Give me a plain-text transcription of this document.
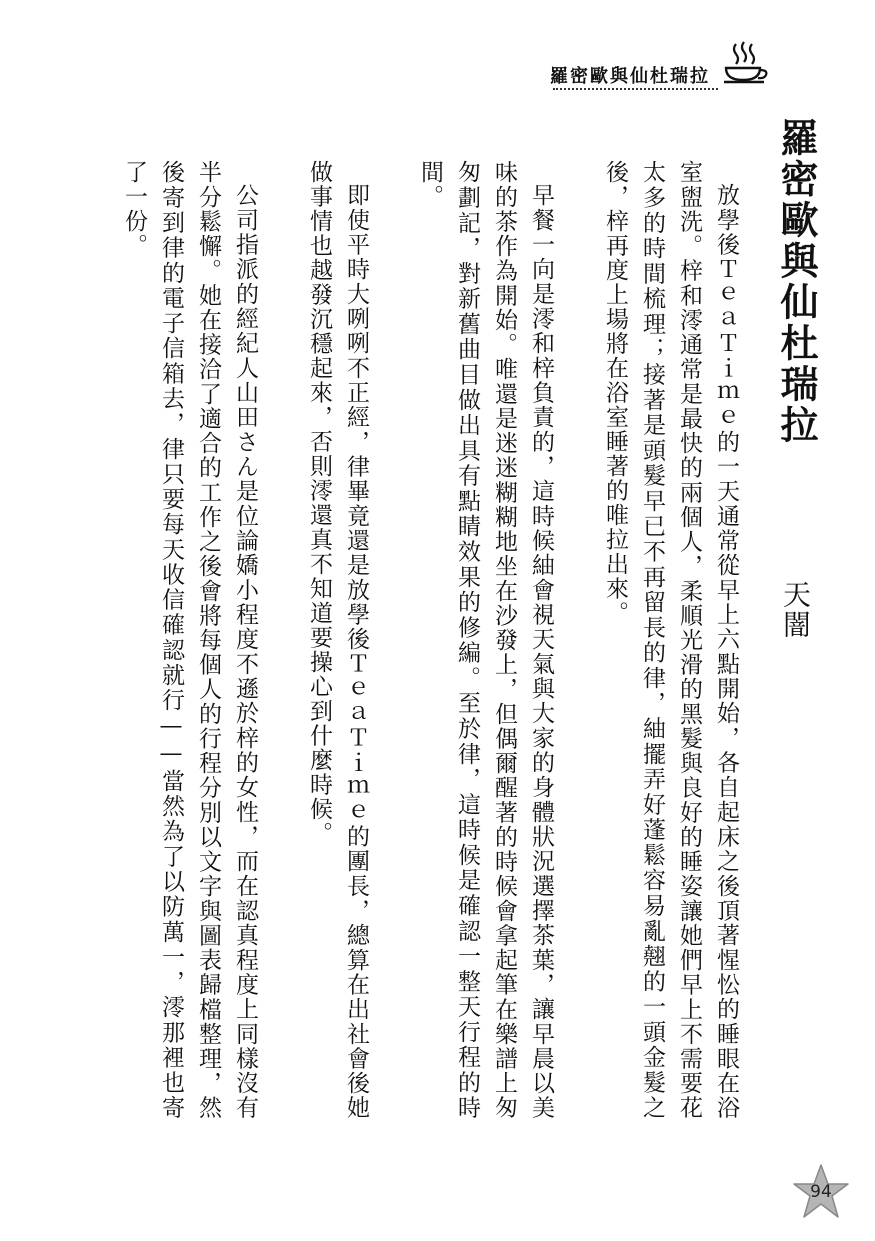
羅密歐與仙杜瑞拉
羅密歐與仙杜瑞拉
天闇

放學後ＴｅａＴｉｍｅ的一天通常從早上六點開始，各自起床之後頂著惺忪的睡眼在浴室盥洗。梓和澪通常是最快的兩個人，柔順光滑的黑髮與良好的睡姿讓她們早上不需要花太多的時間梳理；接著是頭髮早已不再留長的律，紬擺弄好蓬鬆容易亂翹的一頭金髮之後，梓再度上場將在浴室睡著的唯拉出來。

早餐一向是澪和梓負責的，這時候紬會視天氣與大家的身體狀況選擇茶葉，讓早晨以美味的茶作為開始。唯還是迷迷糊糊地坐在沙發上，但偶爾醒著的時候會拿起筆在樂譜上匆匆劃記，對新舊曲目做出具有點睛效果的修編。至於律，這時候是確認一整天行程的時間。

即使平時大咧咧不正經，律畢竟還是放學後ＴｅａＴｉｍｅ的團長，總算在出社會後她做事情也越發沉穩起來，否則澪還真不知道要操心到什麼時候。

公司指派的經紀人山田さん是位論嬌小程度不遜於梓的女性，而在認真程度上同樣沒有半分鬆懈。她在接洽了適合的工作之後會將每個人的行程分別以文字與圖表歸檔整理，然後寄到律的電子信箱去，律只要每天收信確認就行——當然為了以防萬一，澪那裡也寄了一份。

94
